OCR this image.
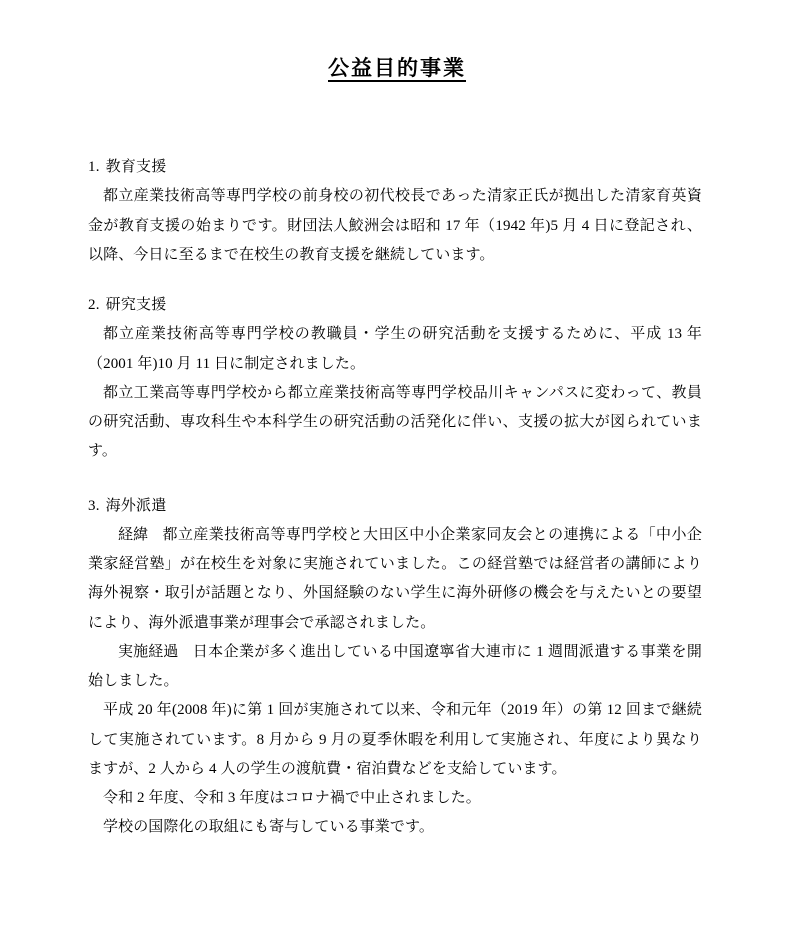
公益目的事業

1. 教育支援

都立産業技術高等専門学校の前身校の初代校長であった清家正氏が拠出した清家育英資金が教育支援の始まりです。財団法人鮫洲会は昭和 17 年（1942 年)5 月 4 日に登記され、以降、今日に至るまで在校生の教育支援を継続しています。

2. 研究支援

都立産業技術高等専門学校の教職員・学生の研究活動を支援するために、平成 13 年（2001 年)10 月 11 日に制定されました。

都立工業高等専門学校から都立産業技術高等専門学校品川キャンパスに変わって、教員の研究活動、専攻科生や本科学生の研究活動の活発化に伴い、支援の拡大が図られています。

3. 海外派遣

経緯 都立産業技術高等専門学校と大田区中小企業家同友会との連携による「中小企業家経営塾」が在校生を対象に実施されていました。この経営塾では経営者の講師により海外視察・取引が話題となり、外国経験のない学生に海外研修の機会を与えたいとの要望により、海外派遣事業が理事会で承認されました。

実施経過 日本企業が多く進出している中国遼寧省大連市に 1 週間派遣する事業を開始しました。

平成 20 年(2008 年)に第 1 回が実施されて以来、令和元年（2019 年）の第 12 回まで継続して実施されています。8 月から 9 月の夏季休暇を利用して実施され、年度により異なりますが、2 人から 4 人の学生の渡航費・宿泊費などを支給しています。

令和 2 年度、令和 3 年度はコロナ禍で中止されました。

学校の国際化の取組にも寄与している事業です。
